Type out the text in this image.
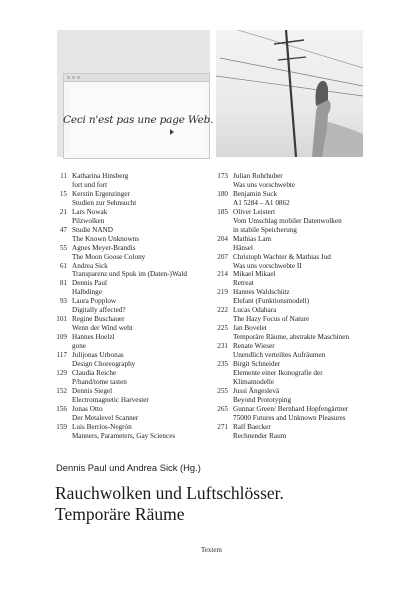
Ceci n'est pas une page Web.
11 Katharina Hinsberg
fort und fort
15 Kerstin Ergenzinger
Studien zur Sehnsucht
21 Lars Nowak
Pilzwolken
47 Studie NAND
The Known Unknowns
55 Agnes Meyer-Brandis
The Moon Goose Colony
61 Andrea Sick
Transparenz und Spuk im (Daten-)Wald
81 Dennis Paul
Halbdinge
93 Laura Popplow
Digitally affected?
101 Regine Buschauer
Wenn der Wind weht
109 Hannes Hoelzl
gone
117 Julijonas Urbonas
Design Choreography
129 Claudia Reiche
P/hand/tome tasten
152 Dennis Siegel
Electromagnetic Harvester
156 Jonas Otto
Der Metalevel Scanner
159 Luis Berríos-Negrón
Manners, Parameters, Gay Sciences
173 Julian Rohrhuber
Was uns vorschwebte
180 Benjamin Suck
A1 5284 – A1 0862
185 Oliver Leistert
Vom Umschlag mobiler Datenwolken
in stabile Speicherung
204 Mathias Lam
Hänsel
207 Christoph Wachter & Mathias Jud
Was uns vorschwebte II
214 Mikael Mikael
Retreat
219 Hannes Waldschütz
Elefant (Funktionsmodell)
222 Lucas Odahara
The Hazy Focus of Nature
225 Jan Bovelet
Temporäre Räume, abstrakte Maschinen
231 Renate Wieser
Unendlich verteiltes Aufräumen
235 Birgit Schneider
Elemente einer Ikonografie der
Klimamodelle
255 Jussi Ängeslevä
Beyond Prototyping
265 Gunnar Green/ Bernhard Hopfengärtner
75000 Futures and Unknown Pleasures
271 Ralf Baecker
Rechnender Raum
Dennis Paul und Andrea Sick (Hg.)
Rauchwolken und Luftschlösser.
Temporäre Räume
Textem
